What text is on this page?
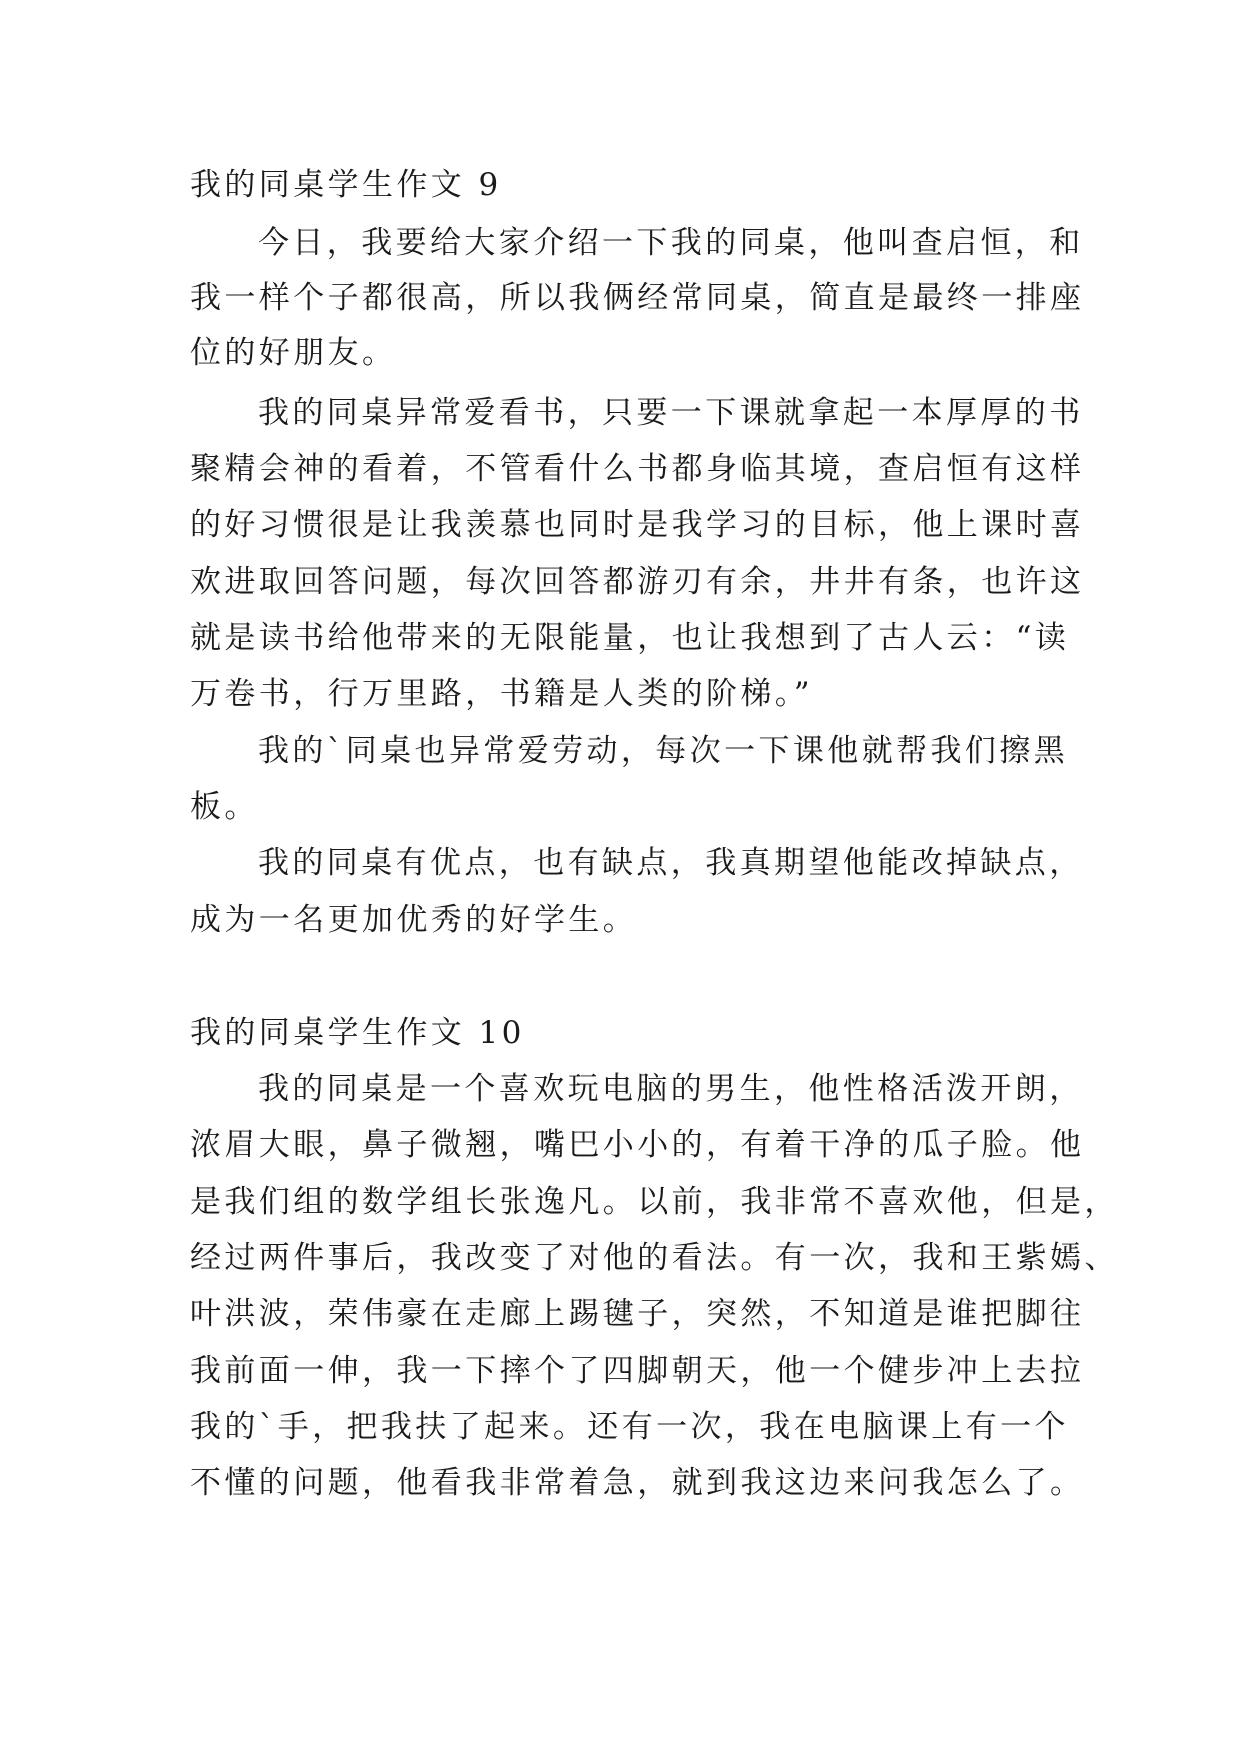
我的同桌学生作文 9
今日，我要给大家介绍一下我的同桌，他叫查启恒，和
我一样个子都很高，所以我俩经常同桌，简直是最终一排座
位的好朋友。
我的同桌异常爱看书，只要一下课就拿起一本厚厚的书
聚精会神的看着，不管看什么书都身临其境，查启恒有这样
的好习惯很是让我羡慕也同时是我学习的目标，他上课时喜
欢进取回答问题，每次回答都游刃有余，井井有条，也许这
就是读书给他带来的无限能量，也让我想到了古人云：“读
万卷书，行万里路，书籍是人类的阶梯。”
我的`同桌也异常爱劳动，每次一下课他就帮我们擦黑
板。
我的同桌有优点，也有缺点，我真期望他能改掉缺点，
成为一名更加优秀的好学生。
我的同桌学生作文 10
我的同桌是一个喜欢玩电脑的男生，他性格活泼开朗，
浓眉大眼，鼻子微翘，嘴巴小小的，有着干净的瓜子脸。他
是我们组的数学组长张逸凡。以前，我非常不喜欢他，但是，
经过两件事后，我改变了对他的看法。有一次，我和王紫嫣、
叶洪波，荣伟豪在走廊上踢毽子，突然，不知道是谁把脚往
我前面一伸，我一下摔个了四脚朝天，他一个健步冲上去拉
我的`手，把我扶了起来。还有一次，我在电脑课上有一个
不懂的问题，他看我非常着急，就到我这边来问我怎么了。
